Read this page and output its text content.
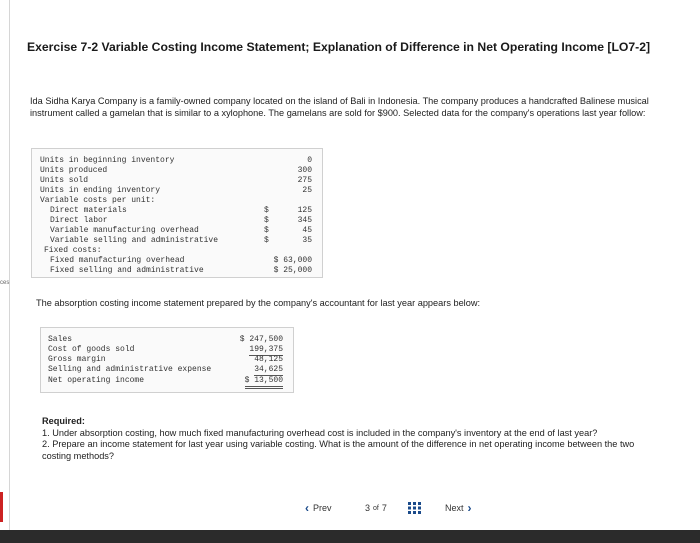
ces
Exercise 7-2 Variable Costing Income Statement; Explanation of Difference in Net Operating Income [LO7-2]
Ida Sidha Karya Company is a family-owned company located on the island of Bali in Indonesia. The company produces a handcrafted Balinese musical instrument called a gamelan that is similar to a xylophone. The gamelans are sold for $900. Selected data for the company's operations last year follow:
Units in beginning inventory	0
Units produced	300
Units sold	275
Units in ending inventory	25
Variable costs per unit:
Direct materials	$	125
Direct labor	$	345
Variable manufacturing overhead	$	45
Variable selling and administrative	$	35
Fixed costs:
Fixed manufacturing overhead	$ 63,000
Fixed selling and administrative	$ 25,000
The absorption costing income statement prepared by the company's accountant for last year appears below:
Sales	$ 247,500
Cost of goods sold	199,375
Gross margin	48,125
Selling and administrative expense	34,625
Net operating income	$ 13,500
Required:
1. Under absorption costing, how much fixed manufacturing overhead cost is included in the company's inventory at the end of last year?
2. Prepare an income statement for last year using variable costing. What is the amount of the difference in net operating income between the two costing methods?
‹ Prev	3 of 7	Next ›
